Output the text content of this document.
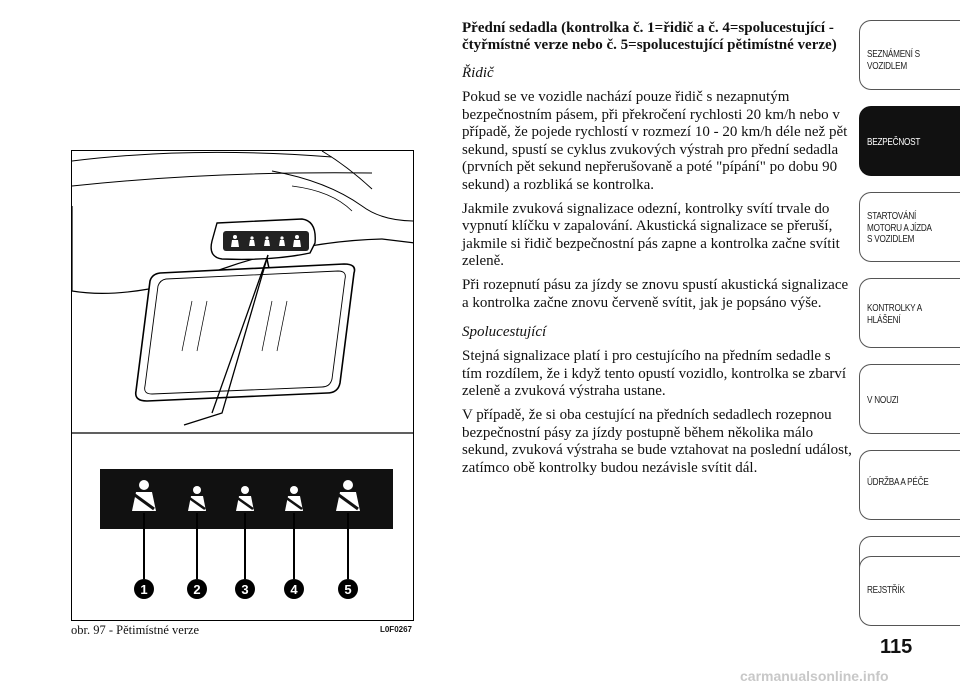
1	2	3	4	5
obr. 97 - Pětimístné verze	L0F0267

Přední sedadla (kontrolka č. 1=řidič a č. 4=spolucestující - čtyřmístné verze nebo č. 5=spolucestující pětimístné verze)

Řidič

Pokud se ve vozidle nachází pouze řidič s nezapnutým bezpečnostním pásem, při překročení rychlosti 20 km/h nebo v případě, že pojede rychlostí v rozmezí 10 - 20 km/h déle než pět sekund, spustí se cyklus zvukových výstrah pro přední sedadla (prvních pět sekund nepřerušovaně a poté "pípání" po dobu 90 sekund) a rozbliká se kontrolka.

Jakmile zvuková signalizace odezní, kontrolky svítí trvale do vypnutí klíčku v zapalování. Akustická signalizace se přeruší, jakmile si řidič bezpečnostní pás zapne a kontrolka začne svítit zeleně.

Při rozepnutí pásu za jízdy se znovu spustí akustická signalizace a kontrolka začne znovu červeně svítit, jak je popsáno výše.

Spolucestující

Stejná signalizace platí i pro cestujícího na předním sedadle s tím rozdílem, že i když tento opustí vozidlo, kontrolka se zbarví zeleně a zvuková výstraha ustane.

V případě, že si oba cestující na předních sedadlech rozepnou bezpečnostní pásy za jízdy postupně během několika málo sekund, zvuková výstraha se bude vztahovat na poslední událost, zatímco obě kontrolky budou nezávisle svítit dál.

SEZNÁMENÍ S
VOZIDLEM
BEZPEČNOST
STARTOVÁNÍ
MOTORU A JÍZDA
S VOZIDLEM
KONTROLKY A
HLÁŠENÍ
V NOUZI
ÚDRŽBA A PÉČE
REJSTŘÍK
115
carmanualsonline.info
